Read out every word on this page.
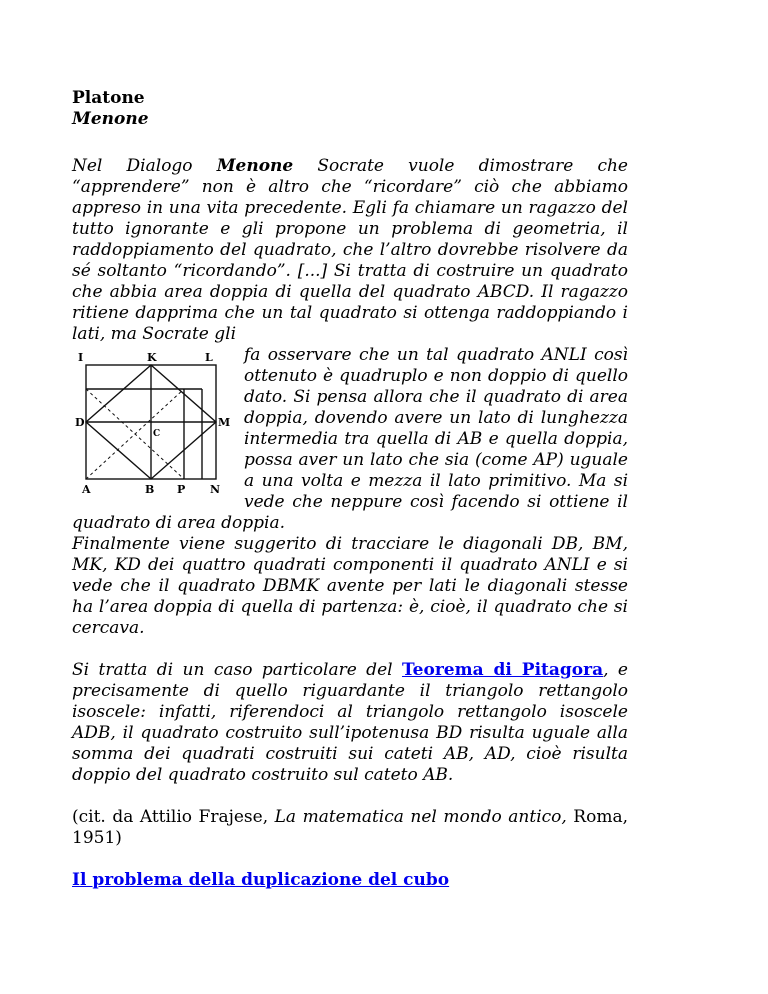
Platone
Menone

Nel Dialogo Menone Socrate vuole dimostrare che “apprendere” non è altro che “ricordare” ciò che abbiamo appreso in una vita precedente. Egli fa chiamare un ragazzo del tutto ignorante e gli propone un problema di geometria, il raddoppiamento del quadrato, che l’altro dovrebbe risolvere da sé soltanto “ricordando”. [...] Si tratta di costruire un quadrato che abbia area doppia di quella del quadrato ABCD. Il ragazzo ritiene dapprima che un tal quadrato si ottenga raddoppiando i lati, ma Socrate gli

I	K	L
D
C
M
A	B P N

fa osservare che un tal quadrato ANLI così ottenuto è quadruplo e non doppio di quello dato. Si pensa allora che il quadrato di area doppia, dovendo avere un lato di lunghezza intermedia tra quella di AB e quella doppia, possa aver un lato che sia (come AP) uguale a una volta e mezza il lato primitivo. Ma si vede che neppure così facendo si ottiene il quadrato di area doppia.

Finalmente viene suggerito di tracciare le diagonali DB, BM, MK, KD dei quattro quadrati componenti il quadrato ANLI e si vede che il quadrato DBMK avente per lati le diagonali stesse ha l’area doppia di quella di partenza: è, cioè, il quadrato che si cercava.

Si tratta di un caso particolare del Teorema di Pitagora, e precisamente di quello riguardante il triangolo rettangolo isoscele: infatti, riferendoci al triangolo rettangolo isoscele ADB, il quadrato costruito sull’ipotenusa BD risulta uguale alla somma dei quadrati costruiti sui cateti AB, AD, cioè risulta doppio del quadrato costruito sul cateto AB.

(cit. da Attilio Frajese, La matematica nel mondo antico, Roma, 1951)

Il problema della duplicazione del cubo
